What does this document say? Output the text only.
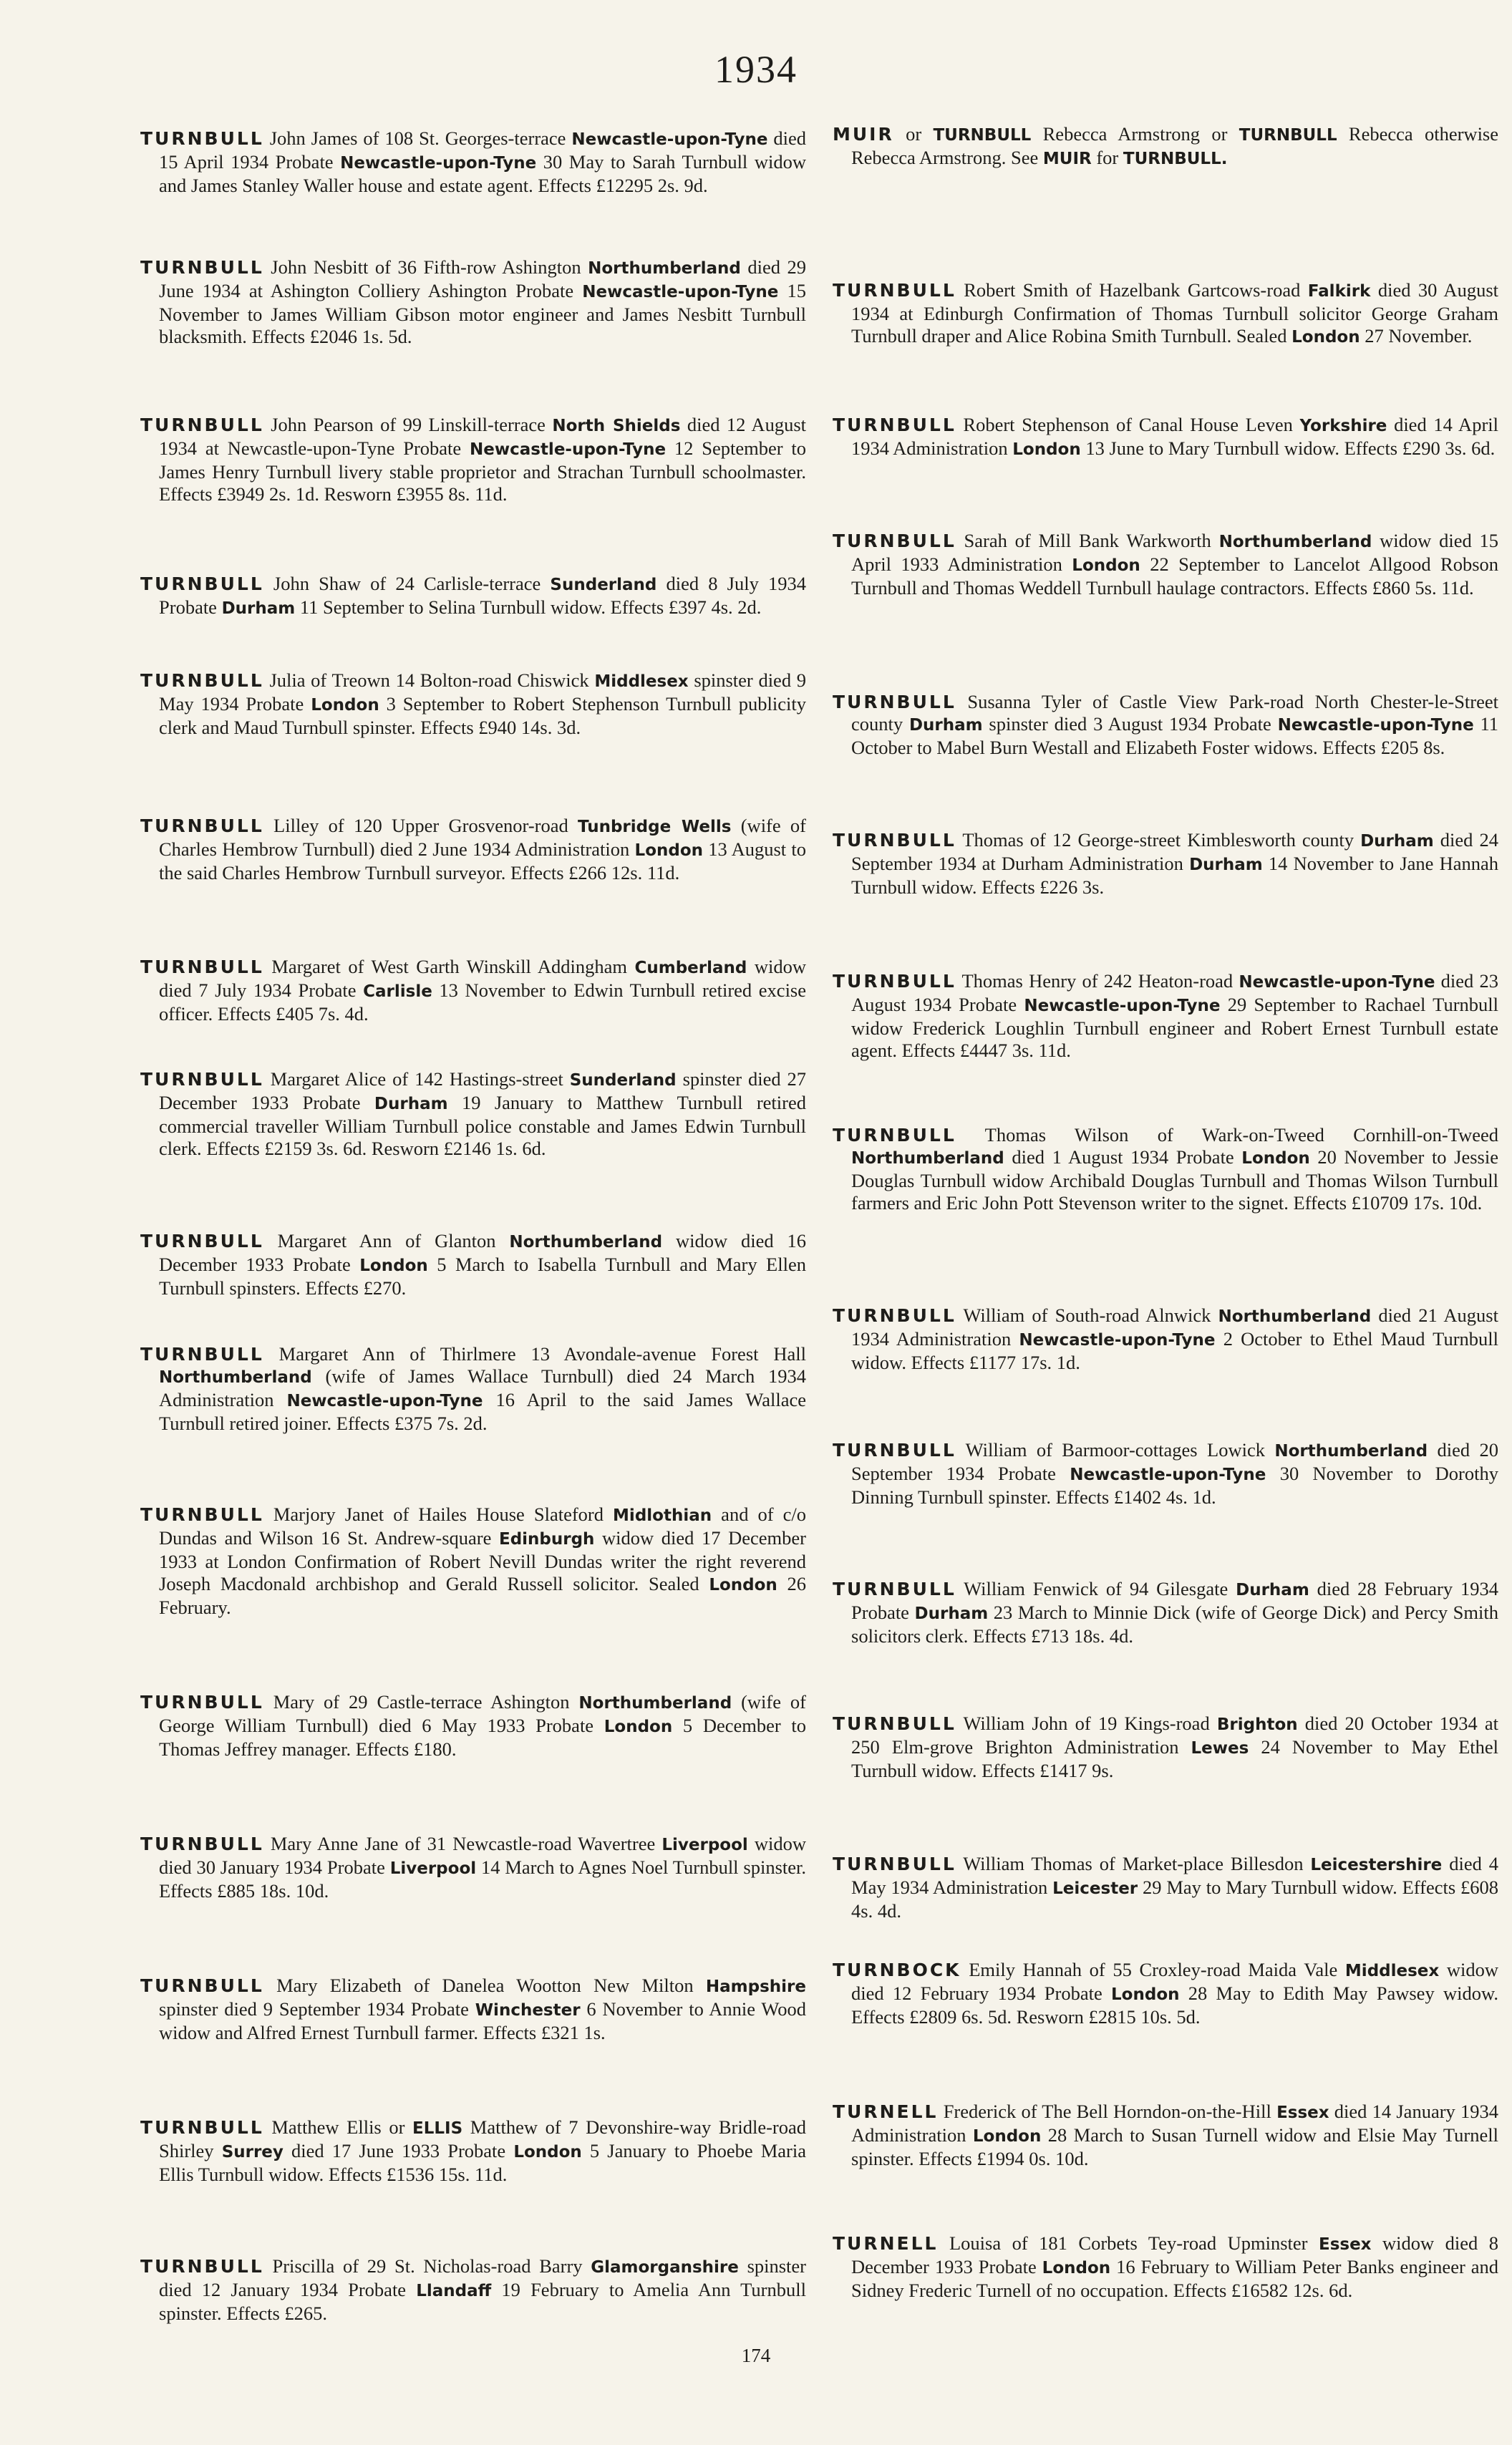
1934

TURNBULL John James of 108 St. Georges-terrace Newcastle-upon-Tyne died 15 April 1934 Probate Newcastle-upon-Tyne 30 May to Sarah Turnbull widow and James Stanley Waller house and estate agent. Effects £12295 2s. 9d.

TURNBULL John Nesbitt of 36 Fifth-row Ashington Northumberland died 29 June 1934 at Ashington Colliery Ashington Probate Newcastle-upon-Tyne 15 November to James William Gibson motor engineer and James Nesbitt Turnbull blacksmith. Effects £2046 1s. 5d.

TURNBULL John Pearson of 99 Linskill-terrace North Shields died 12 August 1934 at Newcastle-upon-Tyne Probate Newcastle-upon-Tyne 12 September to James Henry Turnbull livery stable proprietor and Strachan Turnbull schoolmaster. Effects £3949 2s. 1d. Resworn £3955 8s. 11d.

TURNBULL John Shaw of 24 Carlisle-terrace Sunderland died 8 July 1934 Probate Durham 11 September to Selina Turnbull widow. Effects £397 4s. 2d.

TURNBULL Julia of Treown 14 Bolton-road Chiswick Middlesex spinster died 9 May 1934 Probate London 3 September to Robert Stephenson Turnbull publicity clerk and Maud Turnbull spinster. Effects £940 14s. 3d.

TURNBULL Lilley of 120 Upper Grosvenor-road Tunbridge Wells (wife of Charles Hembrow Turnbull) died 2 June 1934 Administration London 13 August to the said Charles Hembrow Turnbull surveyor. Effects £266 12s. 11d.

TURNBULL Margaret of West Garth Winskill Addingham Cumberland widow died 7 July 1934 Probate Carlisle 13 November to Edwin Turnbull retired excise officer. Effects £405 7s. 4d.

TURNBULL Margaret Alice of 142 Hastings-street Sunderland spinster died 27 December 1933 Probate Durham 19 January to Matthew Turnbull retired commercial traveller William Turnbull police constable and James Edwin Turnbull clerk. Effects £2159 3s. 6d. Resworn £2146 1s. 6d.

TURNBULL Margaret Ann of Glanton Northumberland widow died 16 December 1933 Probate London 5 March to Isabella Turnbull and Mary Ellen Turnbull spinsters. Effects £270.

TURNBULL Margaret Ann of Thirlmere 13 Avondale-avenue Forest Hall Northumberland (wife of James Wallace Turnbull) died 24 March 1934 Administration Newcastle-upon-Tyne 16 April to the said James Wallace Turnbull retired joiner. Effects £375 7s. 2d.

TURNBULL Marjory Janet of Hailes House Slateford Midlothian and of c/o Dundas and Wilson 16 St. Andrew-square Edinburgh widow died 17 December 1933 at London Confirmation of Robert Nevill Dundas writer the right reverend Joseph Macdonald archbishop and Gerald Russell solicitor. Sealed London 26 February.

TURNBULL Mary of 29 Castle-terrace Ashington Northumberland (wife of George William Turnbull) died 6 May 1933 Probate London 5 December to Thomas Jeffrey manager. Effects £180.

TURNBULL Mary Anne Jane of 31 Newcastle-road Wavertree Liverpool widow died 30 January 1934 Probate Liverpool 14 March to Agnes Noel Turnbull spinster. Effects £885 18s. 10d.

TURNBULL Mary Elizabeth of Danelea Wootton New Milton Hampshire spinster died 9 September 1934 Probate Winchester 6 November to Annie Wood widow and Alfred Ernest Turnbull farmer. Effects £321 1s.

TURNBULL Matthew Ellis or ELLIS Matthew of 7 Devonshire-way Bridle-road Shirley Surrey died 17 June 1933 Probate London 5 January to Phoebe Maria Ellis Turnbull widow. Effects £1536 15s. 11d.

TURNBULL Priscilla of 29 St. Nicholas-road Barry Glamorganshire spinster died 12 January 1934 Probate Llandaff 19 February to Amelia Ann Turnbull spinster. Effects £265.

MUIR or TURNBULL Rebecca Armstrong or TURNBULL Rebecca otherwise Rebecca Armstrong. See MUIR for TURNBULL.

TURNBULL Robert Smith of Hazelbank Gartcows-road Falkirk died 30 August 1934 at Edinburgh Confirmation of Thomas Turnbull solicitor George Graham Turnbull draper and Alice Robina Smith Turnbull. Sealed London 27 November.

TURNBULL Robert Stephenson of Canal House Leven Yorkshire died 14 April 1934 Administration London 13 June to Mary Turnbull widow. Effects £290 3s. 6d.

TURNBULL Sarah of Mill Bank Warkworth Northumberland widow died 15 April 1933 Administration London 22 September to Lancelot Allgood Robson Turnbull and Thomas Weddell Turnbull haulage contractors. Effects £860 5s. 11d.

TURNBULL Susanna Tyler of Castle View Park-road North Chester-le-Street county Durham spinster died 3 August 1934 Probate Newcastle-upon-Tyne 11 October to Mabel Burn Westall and Elizabeth Foster widows. Effects £205 8s.

TURNBULL Thomas of 12 George-street Kimblesworth county Durham died 24 September 1934 at Durham Administration Durham 14 November to Jane Hannah Turnbull widow. Effects £226 3s.

TURNBULL Thomas Henry of 242 Heaton-road Newcastle-upon-Tyne died 23 August 1934 Probate Newcastle-upon-Tyne 29 September to Rachael Turnbull widow Frederick Loughlin Turnbull engineer and Robert Ernest Turnbull estate agent. Effects £4447 3s. 11d.

TURNBULL Thomas Wilson of Wark-on-Tweed Cornhill-on-Tweed Northumberland died 1 August 1934 Probate London 20 November to Jessie Douglas Turnbull widow Archibald Douglas Turnbull and Thomas Wilson Turnbull farmers and Eric John Pott Stevenson writer to the signet. Effects £10709 17s. 10d.

TURNBULL William of South-road Alnwick Northumberland died 21 August 1934 Administration Newcastle-upon-Tyne 2 October to Ethel Maud Turnbull widow. Effects £1177 17s. 1d.

TURNBULL William of Barmoor-cottages Lowick Northumberland died 20 September 1934 Probate Newcastle-upon-Tyne 30 November to Dorothy Dinning Turnbull spinster. Effects £1402 4s. 1d.

TURNBULL William Fenwick of 94 Gilesgate Durham died 28 February 1934 Probate Durham 23 March to Minnie Dick (wife of George Dick) and Percy Smith solicitors clerk. Effects £713 18s. 4d.

TURNBULL William John of 19 Kings-road Brighton died 20 October 1934 at 250 Elm-grove Brighton Administration Lewes 24 November to May Ethel Turnbull widow. Effects £1417 9s.

TURNBULL William Thomas of Market-place Billesdon Leicestershire died 4 May 1934 Administration Leicester 29 May to Mary Turnbull widow. Effects £608 4s. 4d.

TURNBOCK Emily Hannah of 55 Croxley-road Maida Vale Middlesex widow died 12 February 1934 Probate London 28 May to Edith May Pawsey widow. Effects £2809 6s. 5d. Resworn £2815 10s. 5d.

TURNELL Frederick of The Bell Horndon-on-the-Hill Essex died 14 January 1934 Administration London 28 March to Susan Turnell widow and Elsie May Turnell spinster. Effects £1994 0s. 10d.

TURNELL Louisa of 181 Corbets Tey-road Upminster Essex widow died 8 December 1933 Probate London 16 February to William Peter Banks engineer and Sidney Frederic Turnell of no occupation. Effects £16582 12s. 6d.

174
